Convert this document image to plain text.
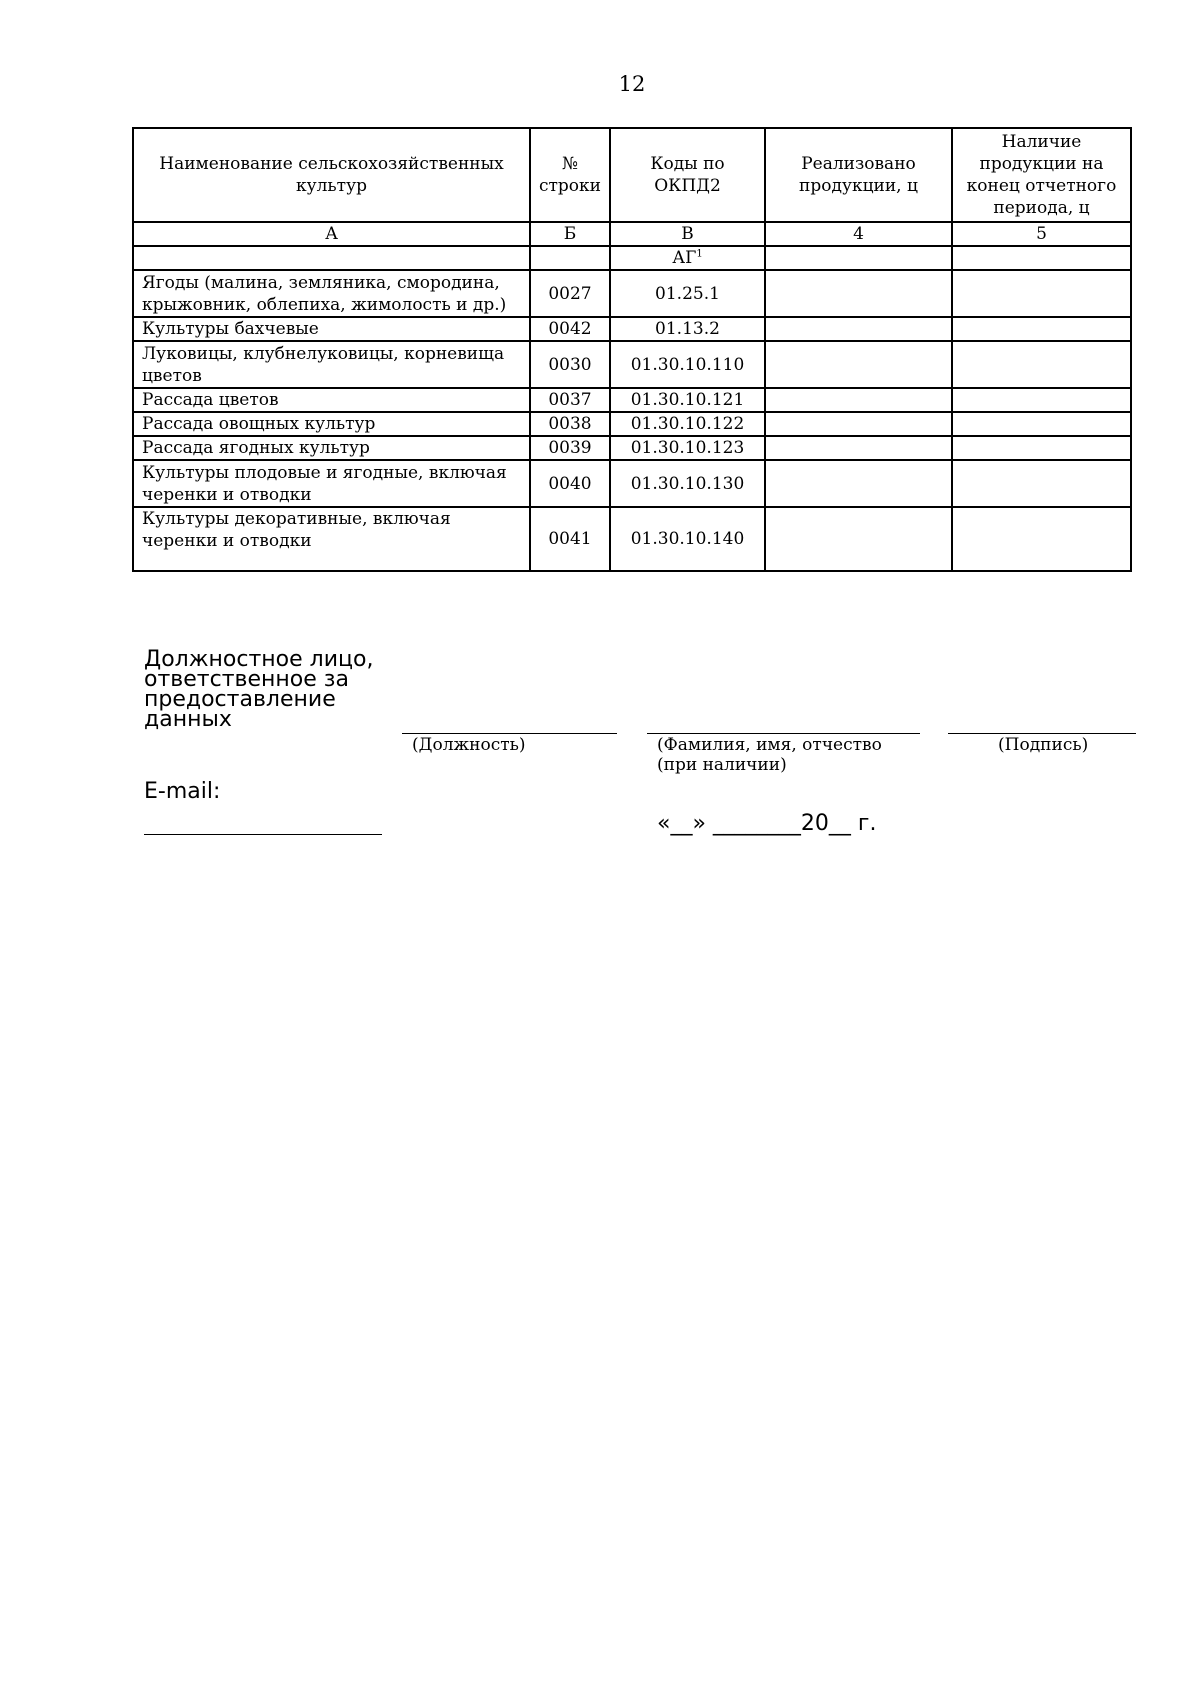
12
Наименование сельскохозяйственных культур	№ строки	Коды по ОКПД2	Реализовано продукции, ц	Наличие продукции на конец отчетного периода, ц
А	Б	В	4	5
		$АГ^1$		
Ягоды (малина, земляника, смородина, крыжовник, облепиха, жимолость и др.)	0027	01.25.1		
Культуры бахчевые	0042	01.13.2		
Луковицы, клубнелуковицы, корневища цветов	0030	01.30.10.110		
Рассада цветов	0037	01.30.10.121		
Рассада овощных культур	0038	01.30.10.122		
Рассада ягодных культур	0039	01.30.10.123		
Культуры плодовые и ягодные, включая черенки и отводки	0040	01.30.10.130		
Культуры декоративные, включая черенки и отводки	0041	01.30.10.140		
Должностное лицо, ответственное за предоставление данных
(Должность)	(Фамилия, имя, отчество (при наличии)
(Подпись)
E-mail:
«__» ________20__ г.
